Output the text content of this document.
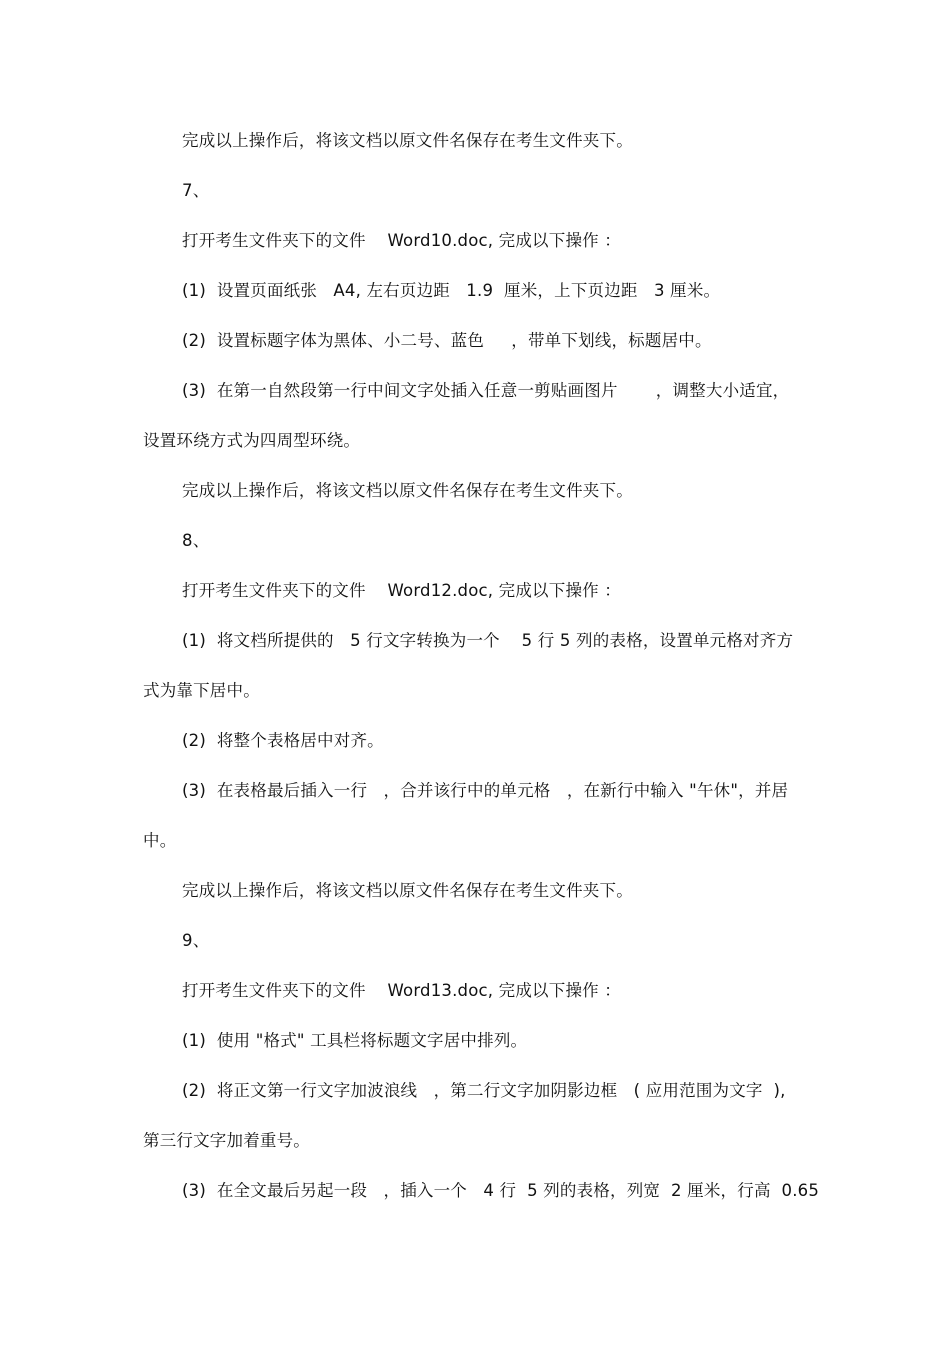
完成以上操作后，将该文档以原文件名保存在考生文件夹下。
7、
打开考生文件夹下的文件    Word10.doc, 完成以下操作 ：
(1)  设置页面纸张   A4, 左右页边距   1.9  厘米，上下页边距   3 厘米。
(2)  设置标题字体为黑体、小二号、蓝色     ，带单下划线，标题居中。
(3)  在第一自然段第一行中间文字处插入任意一剪贴画图片       ，调整大小适宜，
设置环绕方式为四周型环绕。
完成以上操作后，将该文档以原文件名保存在考生文件夹下。
8、
打开考生文件夹下的文件    Word12.doc, 完成以下操作 ：
(1)  将文档所提供的   5 行文字转换为一个    5 行 5 列的表格，设置单元格对齐方
式为靠下居中。
(2)  将整个表格居中对齐。
(3)  在表格最后插入一行   ，合并该行中的单元格   ，在新行中输入 "午休"，并居
中。
完成以上操作后，将该文档以原文件名保存在考生文件夹下。
9、
打开考生文件夹下的文件    Word13.doc, 完成以下操作 ：
(1)  使用 "格式" 工具栏将标题文字居中排列。
(2)  将正文第一行文字加波浪线   ，第二行文字加阴影边框   ( 应用范围为文字  ),
第三行文字加着重号。
(3)  在全文最后另起一段   ，插入一个   4 行  5 列的表格，列宽  2 厘米，行高  0.65
